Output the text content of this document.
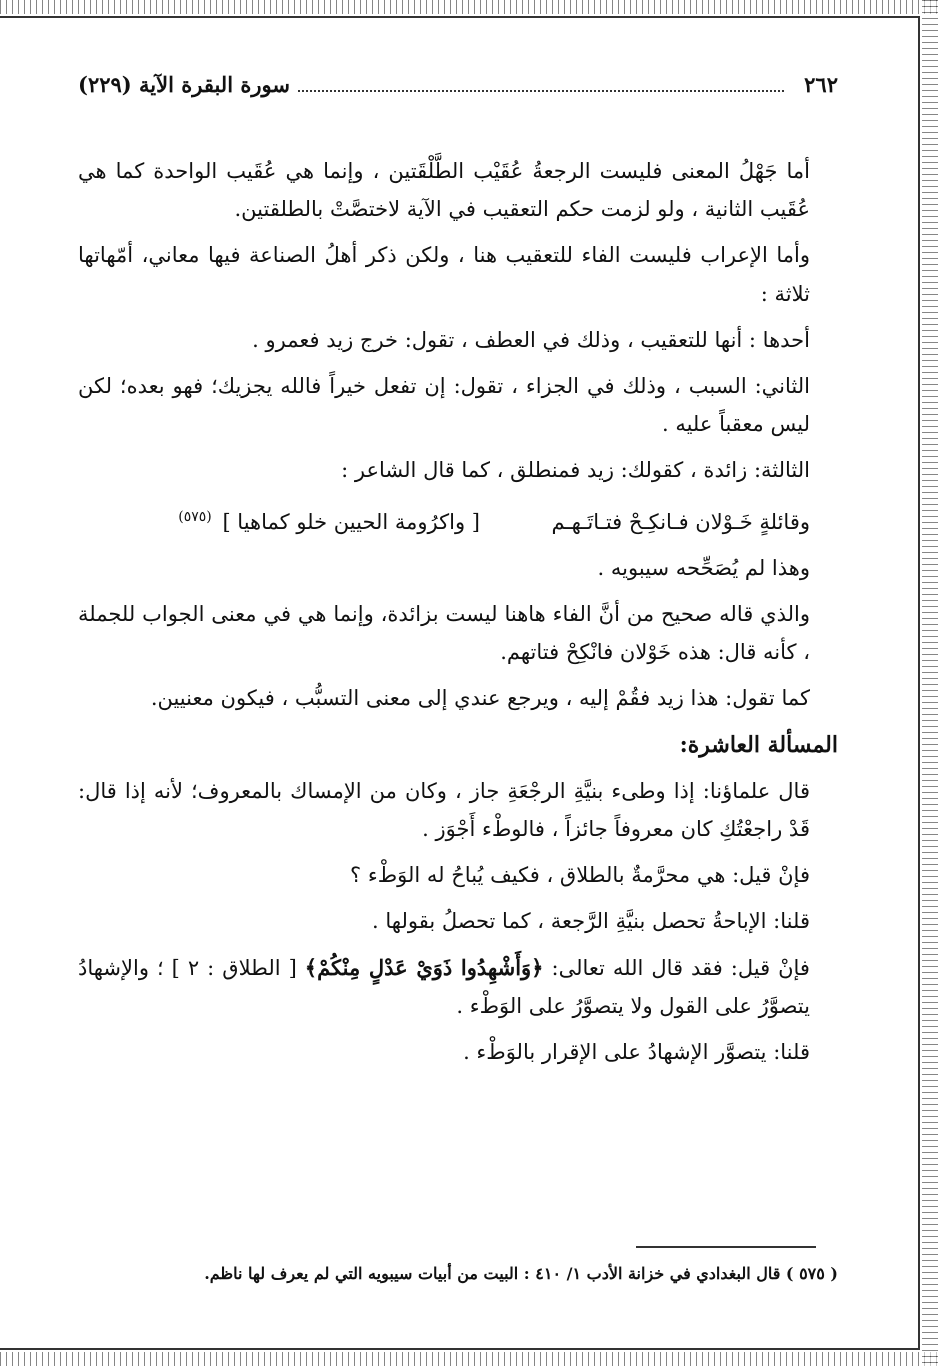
٢٦٢
سورة البقرة الآية (٢٢٩)

أما جَهْلُ المعنى فليست الرجعةُ عُقَيْب الطَّلْقَتين ، وإنما هي عُقَيب الواحدة كما هي عُقَيب الثانية ، ولو لزمت حكم التعقيب في الآية لاختصَّتْ بالطلقتين.

وأما الإعراب فليست الفاء للتعقيب هنا ، ولكن ذكر أهلُ الصناعة فيها معاني، أمّهاتها ثلاثة :

أحدها : أنها للتعقيب ، وذلك في العطف ، تقول: خرج زيد فعمرو .

الثاني: السبب ، وذلك في الجزاء ، تقول: إن تفعل خيراً فالله يجزيك؛ فهو بعده؛ لكن ليس معقباً عليه .

الثالثة: زائدة ، كقولك: زيد فمنطلق ، كما قال الشاعر :

وقائلةٍ خَـوْلان فـانكِـحْ فتـاتَـهـم
[ واكرُومة الحيين خلو كماهيا ] $^{(٥٧٥)}$

وهذا لم يُصَحِّحه سيبويه .

والذي قاله صحيح من أنَّ الفاء هاهنا ليست بزائدة، وإنما هي في معنى الجواب للجملة ، كأنه قال: هذه خَوْلان فانْكِحْ فتاتهم.

كما تقول: هذا زيد فقُمْ إليه ، ويرجع عندي إلى معنى التسبُّب ، فيكون معنيين.

المسألة العاشرة:

قال علماؤنا: إذا وطىء بنيَّةِ الرجْعَةِ جاز ، وكان من الإمساك بالمعروف؛ لأنه إذا قال: قَدْ راجعْتُكِ كان معروفاً جائزاً ، فالوطْء أَجْوَز .

فإنْ قيل: هي محرَّمةٌ بالطلاق ، فكيف يُباحُ له الوَطْء ؟

قلنا: الإباحةُ تحصل بنيَّةِ الرَّجعة ، كما تحصلُ بقولها .

فإنْ قيل: فقد قال الله تعالى: ﴿وَأَشْهِدُوا ذَوَيْ عَدْلٍ مِنْكُمْ﴾ [ الطلاق : ٢ ] ؛ والإشهادُ يتصوَّرُ على القول ولا يتصوَّرُ على الوَطْء .

قلنا: يتصوَّر الإشهادُ على الإقرار بالوَطْء .

( ٥٧٥ ) قال البغدادي في خزانة الأدب ١/ ٤١٠ : البيت من أبيات سيبويه التي لم يعرف لها ناظم.
